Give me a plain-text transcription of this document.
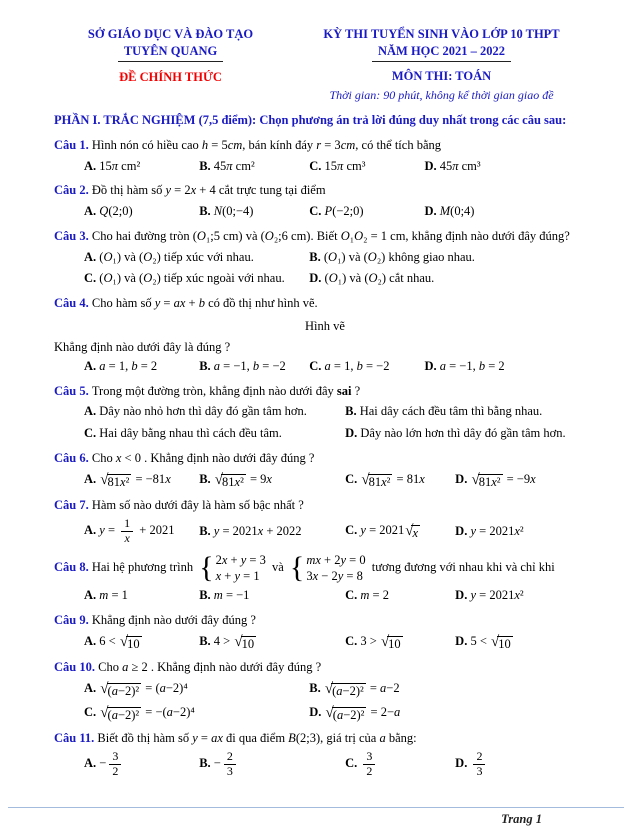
SỞ GIÁO DỤC VÀ ĐÀO TẠO
TUYÊN QUANG
ĐỀ CHÍNH THỨC
KỲ THI TUYỂN SINH VÀO LỚP 10 THPT
NĂM HỌC 2021 – 2022
MÔN THI: TOÁN
Thời gian: 90 phút, không kể thời gian giao đề
PHẦN I. TRẮC NGHIỆM (7,5 điểm): Chọn phương án trả lời đúng duy nhất trong các câu sau:
Câu 1. Hình nón có hiều cao h = 5cm, bán kính đáy r = 3cm, có thể tích bằng
A. 15π cm²	B. 45π cm²	C. 15π cm³	D. 45π cm³
Câu 2. Đồ thị hàm số y = 2x + 4 cắt trực tung tại điểm
A. Q(2;0)	B. N(0;−4)	C. P(−2;0)	D. M(0;4)
Câu 3. Cho hai đường tròn (O₁;5 cm) và (O₂;6 cm). Biết O₁O₂ = 1 cm, khẳng định nào dưới đây đúng?
A. (O₁) và (O₂) tiếp xúc với nhau.	B. (O₁) và (O₂) không giao nhau.
C. (O₁) và (O₂) tiếp xúc ngoài với nhau.	D. (O₁) và (O₂) cắt nhau.
Câu 4. Cho hàm số y = ax + b có đồ thị như hình vẽ.
Hình vẽ
Khẳng định nào dưới đây là đúng ?
A. a = 1, b = 2	B. a = −1, b = −2	C. a = 1, b = −2	D. a = −1, b = 2
Câu 5. Trong một đường tròn, khẳng định nào dưới đây sai ?
A. Dây nào nhỏ hơn thì dây đó gần tâm hơn.	B. Hai dây cách đều tâm thì bằng nhau.
C. Hai dây bằng nhau thì cách đều tâm.	D. Dây nào lớn hơn thì dây đó gần tâm hơn.
Câu 6. Cho x < 0 . Khẳng định nào dưới đây đúng ?
A. √ 81x² = −81x	B. √ 81x² = 9x	C. √ 81x² = 81x	D. √ 81x² = −9x
Câu 7. Hàm số nào dưới đây là hàm số bậc nhất ?
A. $y = \frac{1}{x} + 2021$	B. y = 2021x + 2022	C. y = 2021 √ x	D. y = 2021x²
Câu 8. Hai hệ phương trình { 2x + y = 3
x + y = 1
và { mx + 2y = 0
3x − 2y = 8
tương đương với nhau khi và chỉ khi
A. m = 1	B. m = −1	C. m = 2	D. y = 2021x²
Câu 9. Khẳng định nào dưới đây đúng ?
A. 6 < √ 10	B. 4 > √ 10	C. 3 > √ 10	D. 5 < √ 10
Câu 10. Cho a ≥ 2 . Khẳng định nào dưới đây đúng ?
A. √ (a−2)² = (a−2)⁴	B. √ (a−2)² = a−2
C. √ (a−2)² = −(a−2)⁴	D. √ (a−2)² = 2−a
Câu 11. Biết đồ thị hàm số y = ax đi qua điểm B(2;3), giá trị của a bằng:
A. − $\frac{3}{2}$	B. − $\frac{2}{3}$	C. $\frac{3}{2}$	D. $\frac{2}{3}$
Trang 1
